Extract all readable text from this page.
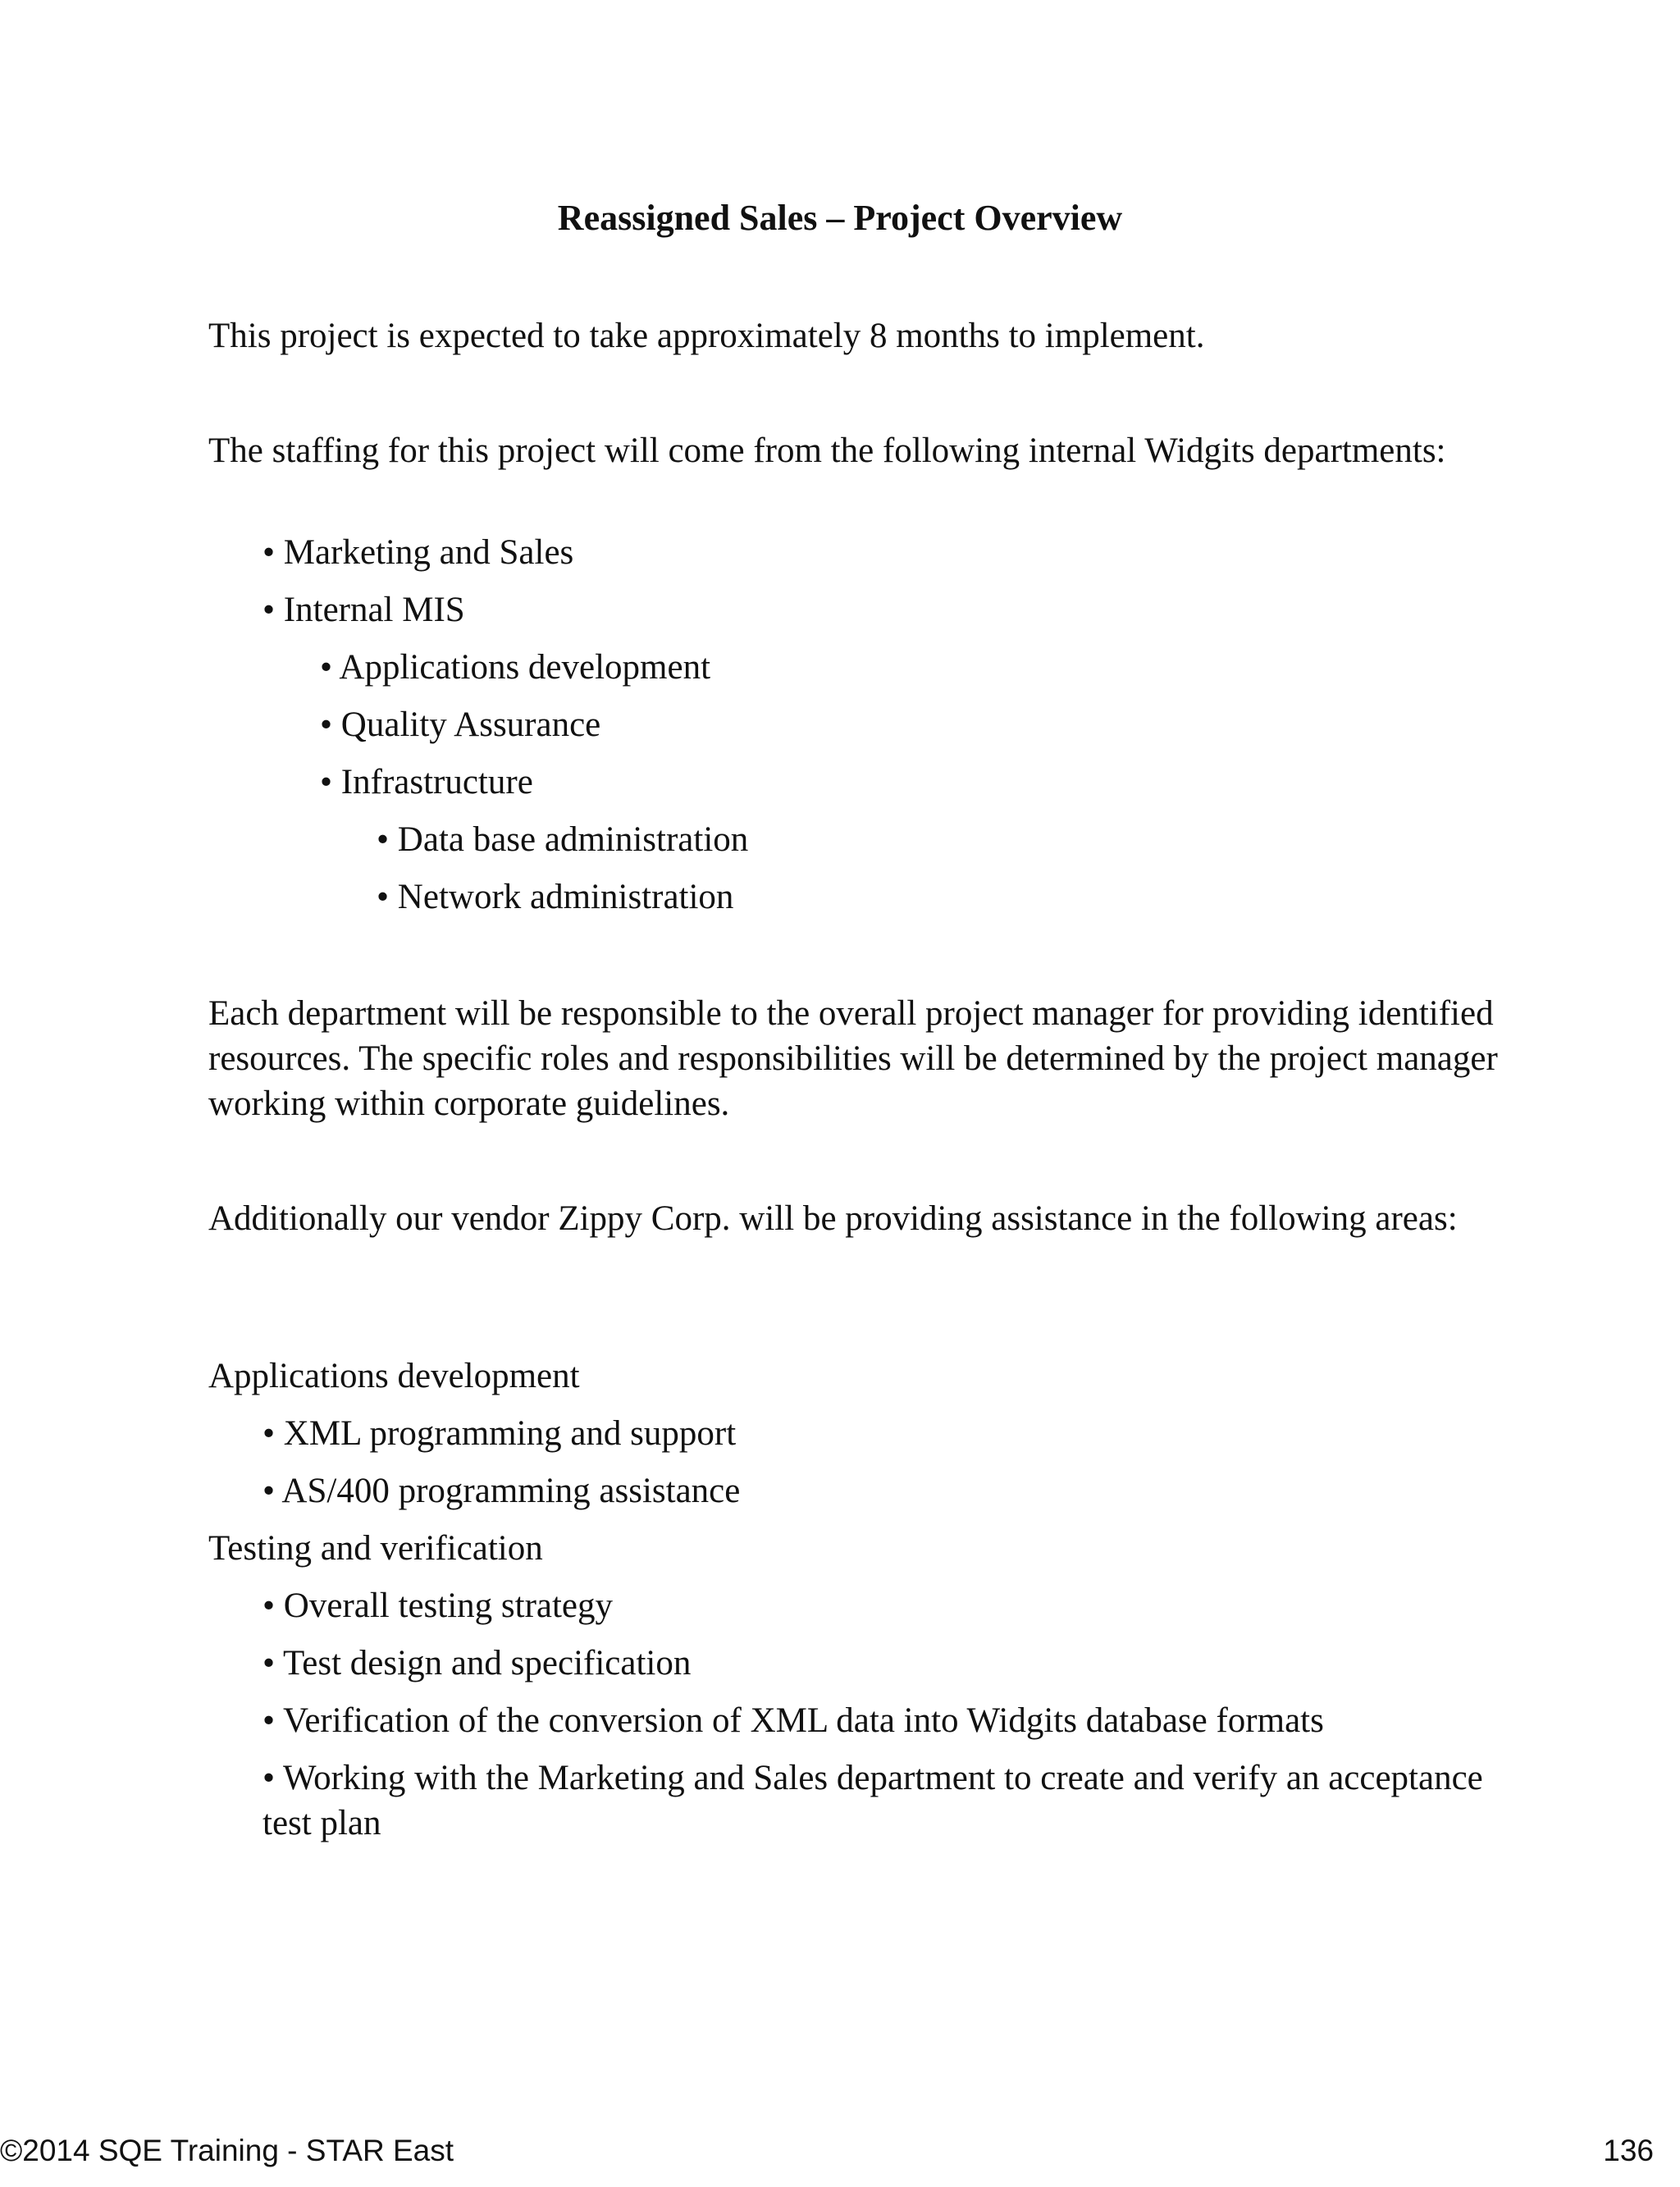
Reassigned Sales – Project Overview

This project is expected to take approximately 8 months to implement.

The staffing for this project will come from the following internal Widgits departments:

• Marketing and Sales

• Internal MIS

• Applications development

• Quality Assurance

• Infrastructure

• Data base administration

• Network administration

Each department will be responsible to the overall project manager for providing identified resources. The specific roles and responsibilities will be determined by the project manager working within corporate guidelines.

Additionally our vendor Zippy Corp. will be providing assistance in the following areas:

Applications development

• XML programming and support

• AS/400 programming assistance

Testing and verification

• Overall testing strategy

• Test design and specification

• Verification of the conversion of XML data into Widgits database formats

• Working with the Marketing and Sales department to create and verify an acceptance test plan

©2014 SQE Training - STAR East	136
